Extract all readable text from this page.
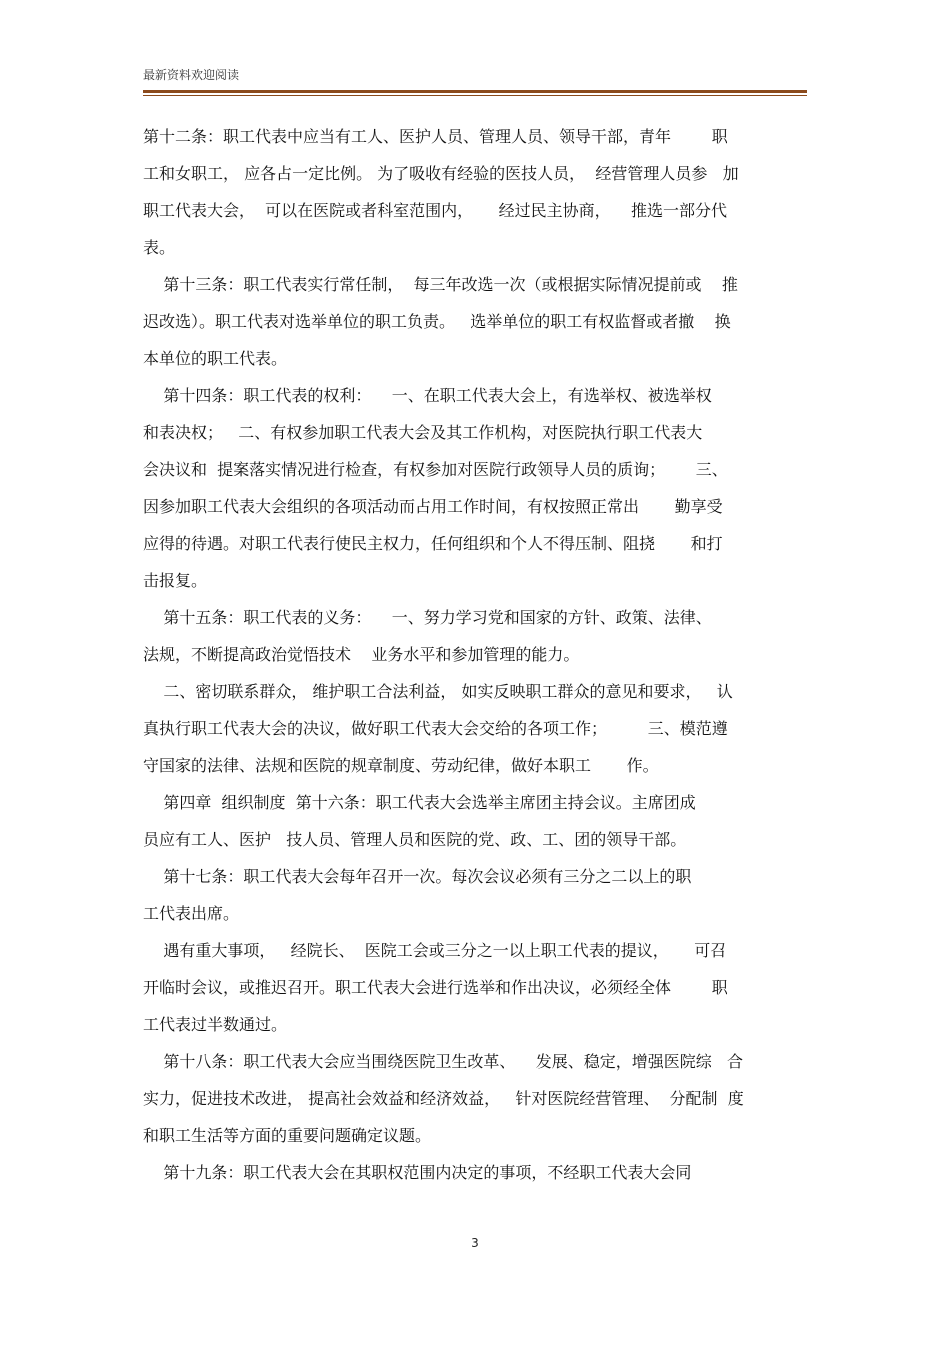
最新资料欢迎阅读
第十二条：职工代表中应当有工人、医护人员、管理人员、领导干部，青年        职
工和女职工， 应各占一定比例。 为了吸收有经验的医技人员，  经营管理人员参   加
职工代表大会，  可以在医院或者科室范围内，     经过民主协商，    推选一部分代
表。
第十三条：职工代表实行常任制，  每三年改选一次（或根据实际情况提前或    推
迟改选）。职工代表对选举单位的职工负责。   选举单位的职工有权监督或者撤    换
本单位的职工代表。
第十四条：职工代表的权利：    一、在职工代表大会上，有选举权、被选举权
和表决权；   二、有权参加职工代表大会及其工作机构，对医院执行职工代表大
会决议和  提案落实情况进行检查，有权参加对医院行政领导人员的质询；      三、
因参加职工代表大会组织的各项活动而占用工作时间，有权按照正常出       勤享受
应得的待遇。对职工代表行使民主权力，任何组织和个人不得压制、阻挠       和打
击报复。
第十五条：职工代表的义务：    一、努力学习党和国家的方针、政策、法律、
法规，不断提高政治觉悟技术    业务水平和参加管理的能力。
二、密切联系群众， 维护职工合法利益， 如实反映职工群众的意见和要求，   认
真执行职工代表大会的决议，做好职工代表大会交给的各项工作；        三、模范遵
守国家的法律、法规和医院的规章制度、劳动纪律，做好本职工       作。
第四章  组织制度  第十六条：职工代表大会选举主席团主持会议。主席团成
员应有工人、医护   技人员、管理人员和医院的党、政、工、团的领导干部。
第十七条：职工代表大会每年召开一次。每次会议必须有三分之二以上的职
工代表出席。
遇有重大事项，   经院长、  医院工会或三分之一以上职工代表的提议，     可召
开临时会议，或推迟召开。职工代表大会进行选举和作出决议，必须经全体        职
工代表过半数通过。
第十八条：职工代表大会应当围绕医院卫生改革、    发展、稳定，增强医院综   合
实力，促进技术改进， 提高社会效益和经济效益，   针对医院经营管理、  分配制  度
和职工生活等方面的重要问题确定议题。
第十九条：职工代表大会在其职权范围内决定的事项，不经职工代表大会同
3
